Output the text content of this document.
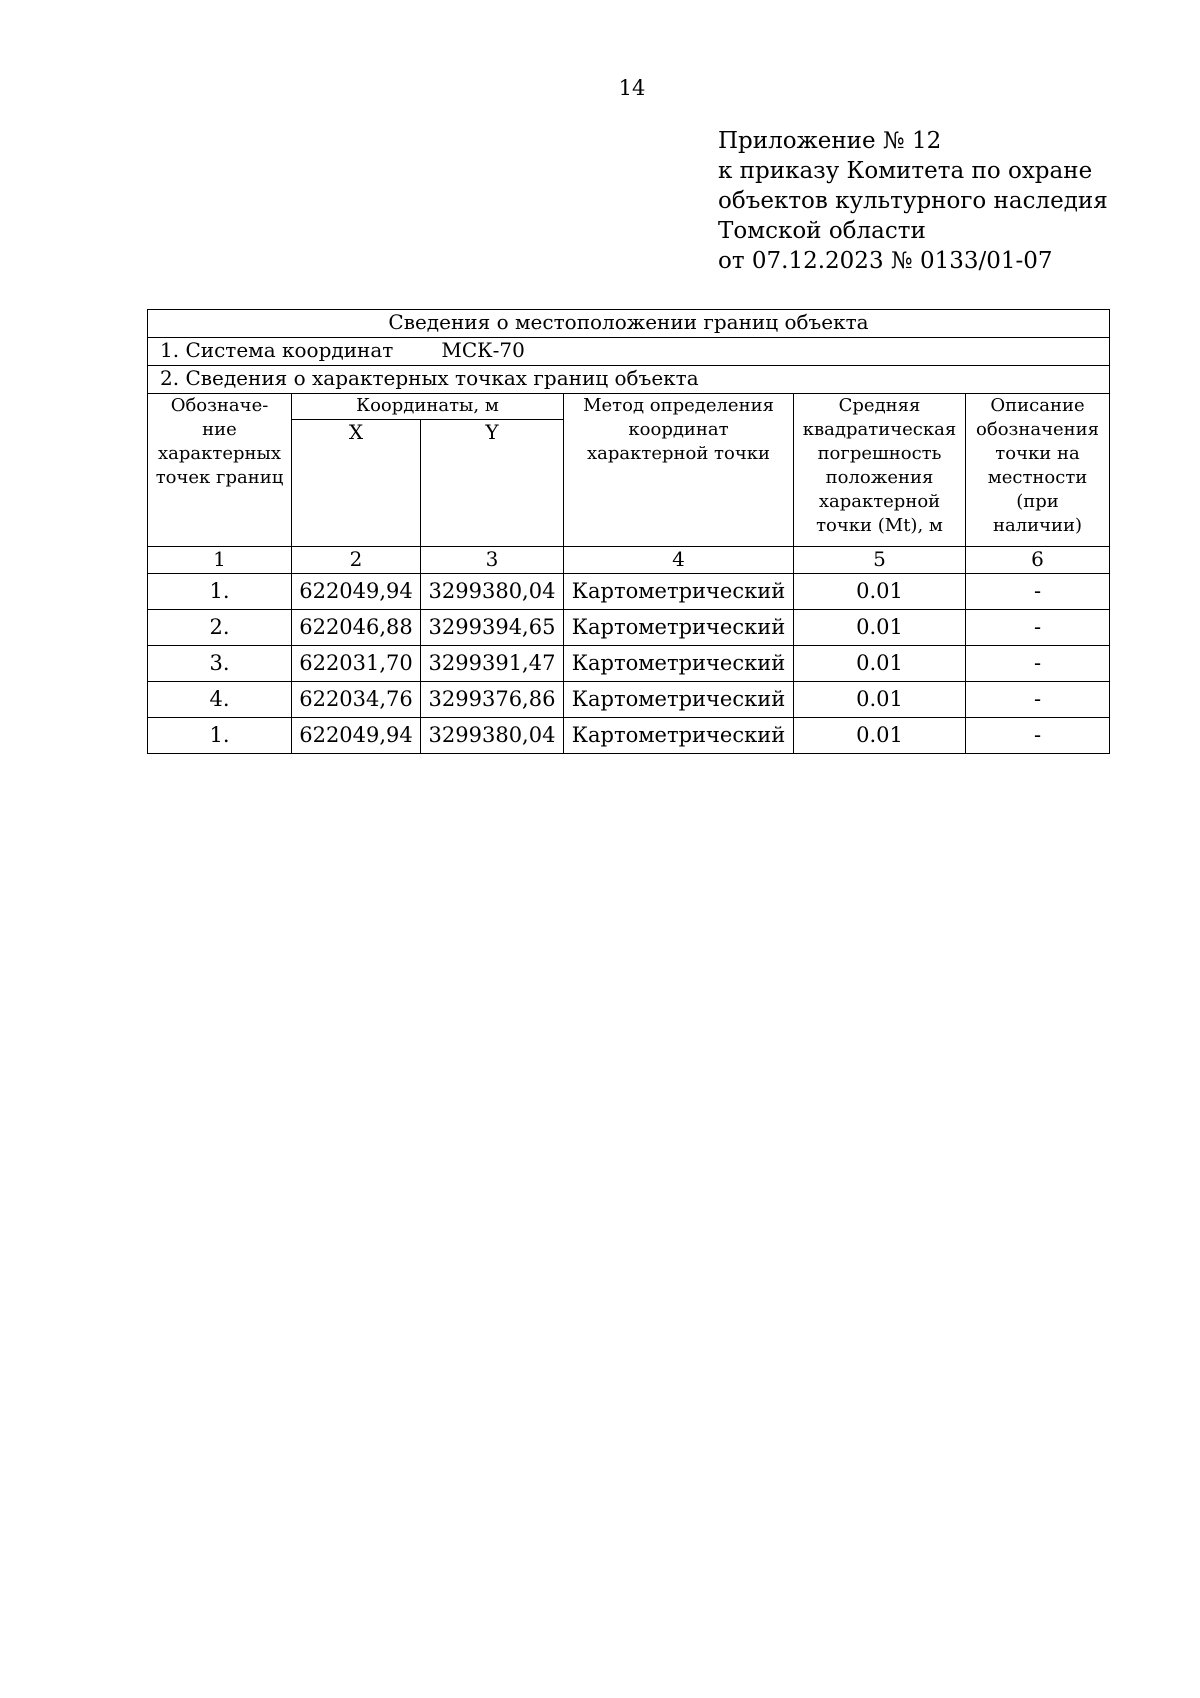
14
Приложение № 12
к приказу Комитета по охране
объектов культурного наследия
Томской области
от 07.12.2023 № 0133/01-07
Сведения о местоположении границ объекта					
1. Система координат МСК-70					
2. Сведения о характерных точках границ объекта					
Обозначе- ние характерных точек границ	Координаты, м		Метод определения координат характерной точки	Средняя квадратическая погрешность положения характерной точки (Mt), м	Описание обозначения точки на местности (при наличии)
	X	Y			
1	2	3	4	5	6
1.	622049,94	3299380,04	Картометрический	0.01	-
2.	622046,88	3299394,65	Картометрический	0.01	-
3.	622031,70	3299391,47	Картометрический	0.01	-
4.	622034,76	3299376,86	Картометрический	0.01	-
1.	622049,94	3299380,04	Картометрический	0.01	-
